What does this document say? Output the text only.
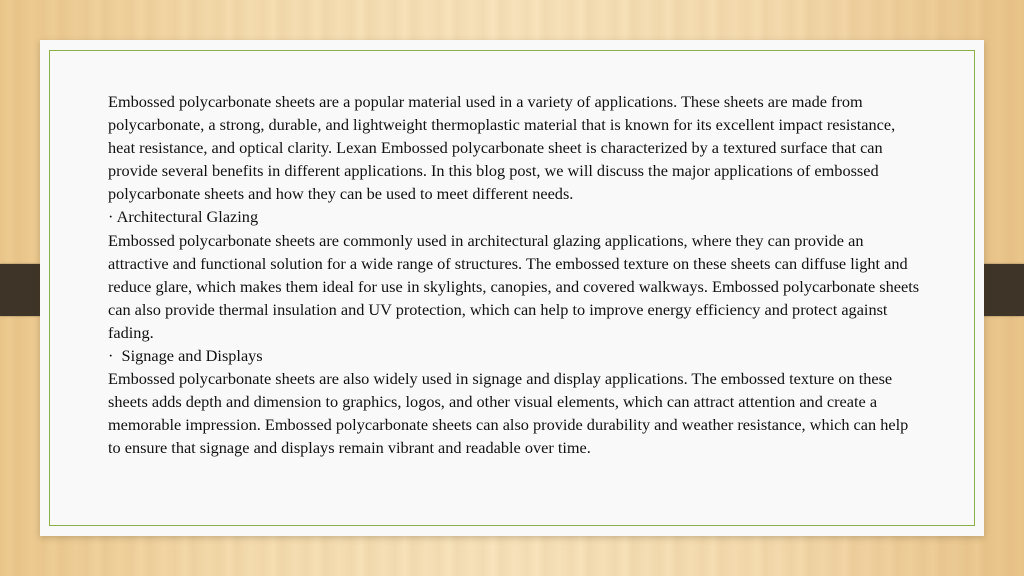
Embossed polycarbonate sheets are a popular material used in a variety of applications. These sheets are made from polycarbonate, a strong, durable, and lightweight thermoplastic material that is known for its excellent impact resistance, heat resistance, and optical clarity. Lexan Embossed polycarbonate sheet is characterized by a textured surface that can provide several benefits in different applications. In this blog post, we will discuss the major applications of embossed polycarbonate sheets and how they can be used to meet different needs.

· Architectural Glazing

Embossed polycarbonate sheets are commonly used in architectural glazing applications, where they can provide an attractive and functional solution for a wide range of structures. The embossed texture on these sheets can diffuse light and reduce glare, which makes them ideal for use in skylights, canopies, and covered walkways. Embossed polycarbonate sheets can also provide thermal insulation and UV protection, which can help to improve energy efficiency and protect against fading.

·  Signage and Displays

Embossed polycarbonate sheets are also widely used in signage and display applications. The embossed texture on these sheets adds depth and dimension to graphics, logos, and other visual elements, which can attract attention and create a memorable impression. Embossed polycarbonate sheets can also provide durability and weather resistance, which can help to ensure that signage and displays remain vibrant and readable over time.
